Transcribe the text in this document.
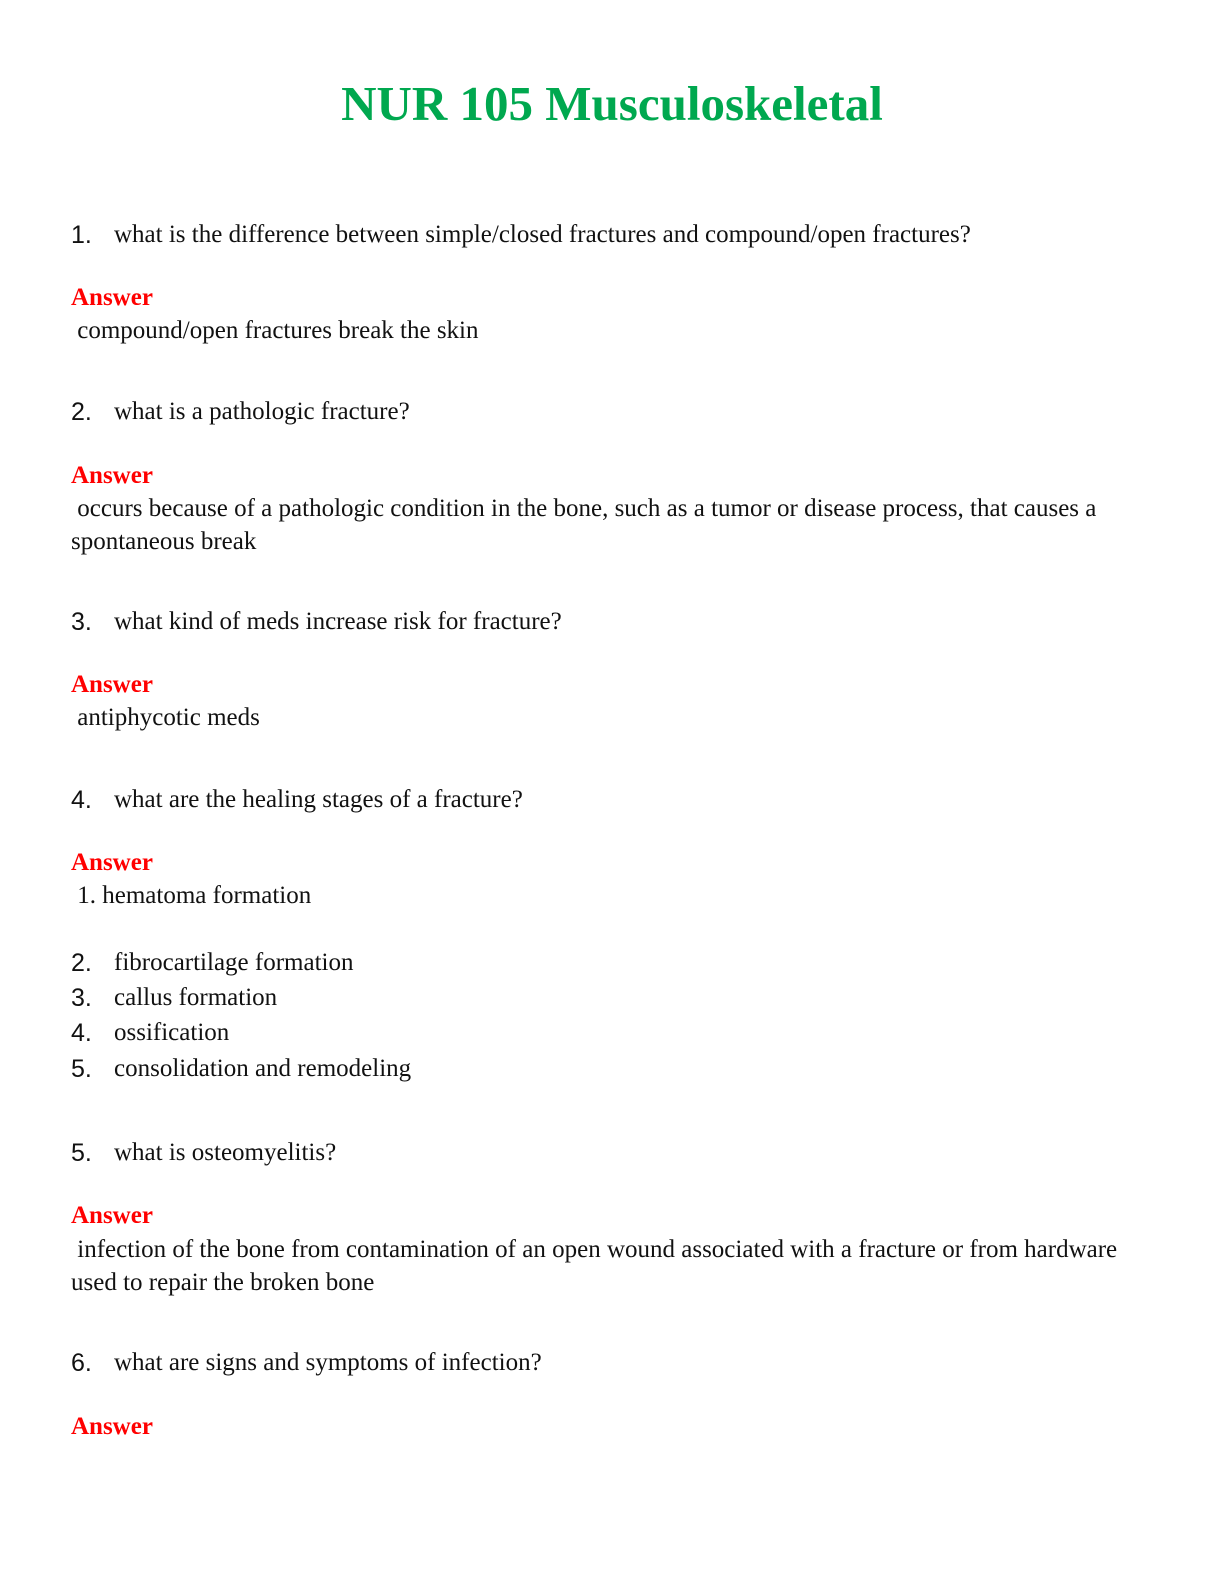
NUR 105 Musculoskeletal
1. what is the difference between simple/closed fractures and compound/open fractures?
Answer
compound/open fractures break the skin
2. what is a pathologic fracture?
Answer
occurs because of a pathologic condition in the bone, such as a tumor or disease process, that causes a spontaneous break
3. what kind of meds increase risk for fracture?
Answer
antiphycotic meds
4. what are the healing stages of a fracture?
Answer
1. hematoma formation
2. fibrocartilage formation
3. callus formation
4. ossification
5. consolidation and remodeling
5. what is osteomyelitis?
Answer
infection of the bone from contamination of an open wound associated with a fracture or from hardware used to repair the broken bone
6. what are signs and symptoms of infection?
Answer
